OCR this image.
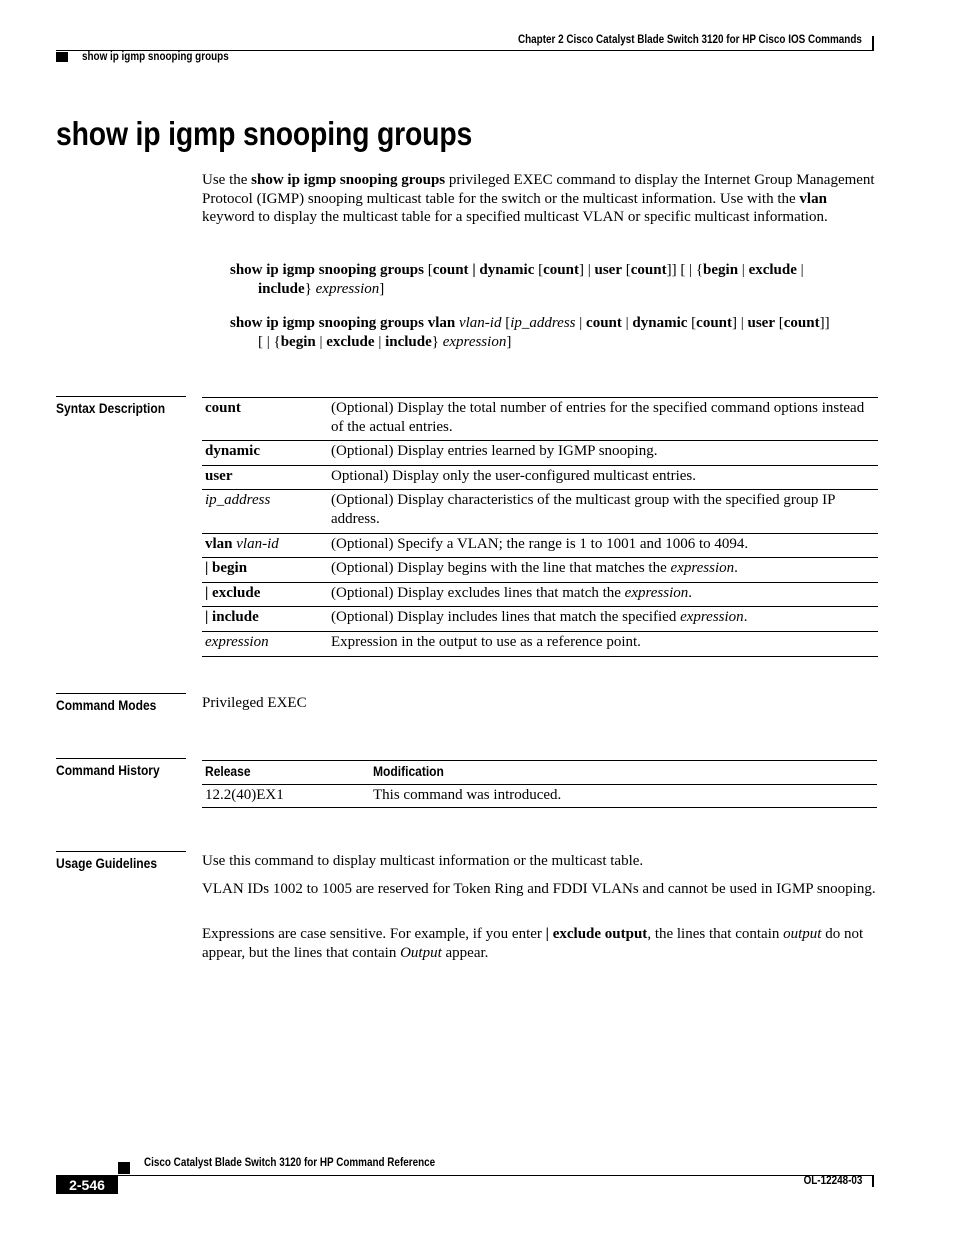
Chapter 2 Cisco Catalyst Blade Switch 3120 for HP Cisco IOS Commands
show ip igmp snooping groups
show ip igmp snooping groups

Use the show ip igmp snooping groups privileged EXEC command to display the Internet Group Management Protocol (IGMP) snooping multicast table for the switch or the multicast information. Use with the vlan keyword to display the multicast table for a specified multicast VLAN or specific multicast information.

show ip igmp snooping groups [count | dynamic [count] | user [count]] [ | {begin | exclude |
include} expression]

show ip igmp snooping groups vlan vlan-id [ip_address | count | dynamic [count] | user [count]]
[ | {begin | exclude | include} expression]

Syntax Description	count	(Optional) Display the total number of entries for the specified command options instead of the actual entries.
dynamic	(Optional) Display entries learned by IGMP snooping.
user	Optional) Display only the user-configured multicast entries.
ip_address	(Optional) Display characteristics of the multicast group with the specified group IP address.
vlan vlan-id	(Optional) Specify a VLAN; the range is 1 to 1001 and 1006 to 4094.
| begin	(Optional) Display begins with the line that matches the expression.
| exclude	(Optional) Display excludes lines that match the expression.
| include	(Optional) Display includes lines that match the specified expression.
expression	Expression in the output to use as a reference point.
Command Modes	Privileged EXEC

Command History	Release	Modification
12.2(40)EX1	This command was introduced.
Usage Guidelines	Use this command to display multicast information or the multicast table.

VLAN IDs 1002 to 1005 are reserved for Token Ring and FDDI VLANs and cannot be used in IGMP snooping.

Expressions are case sensitive. For example, if you enter | exclude output, the lines that contain output do not appear, but the lines that contain Output appear.

Cisco Catalyst Blade Switch 3120 for HP Command Reference
2-546	OL-12248-03
